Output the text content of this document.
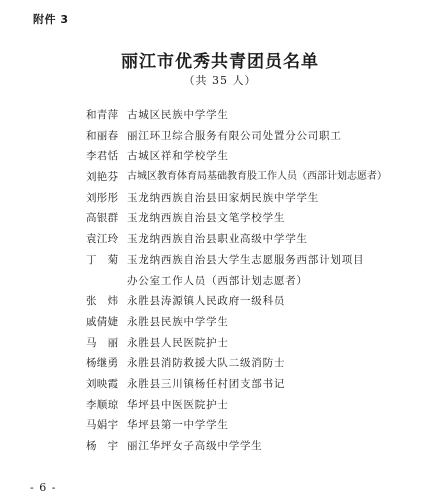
附件 3
丽江市优秀共青团员名单
（共 35 人）
和青萍 古城区民族中学学生
和丽春 丽江环卫综合服务有限公司处置分公司职工
李君恬 古城区祥和学校学生
刘艳芬 古城区教育体育局基础教育股工作人员（西部计划志愿者）
刘彤彤 玉龙纳西族自治县田家炳民族中学学生
高银群 玉龙纳西族自治县文笔学校学生
袁江玲 玉龙纳西族自治县职业高级中学学生
丁　菊 玉龙纳西族自治县大学生志愿服务西部计划项目
办公室工作人员（西部计划志愿者）
张　炜 永胜县涛源镇人民政府一级科员
戚倩婕 永胜县民族中学学生
马　丽 永胜县人民医院护士
杨继勇 永胜县消防救援大队二级消防士
刘映霞 永胜县三川镇杨任村团支部书记
李顺琼 华坪县中医医院护士
马娟宇 华坪县第一中学学生
杨　宇 丽江华坪女子高级中学学生
- 6 -
